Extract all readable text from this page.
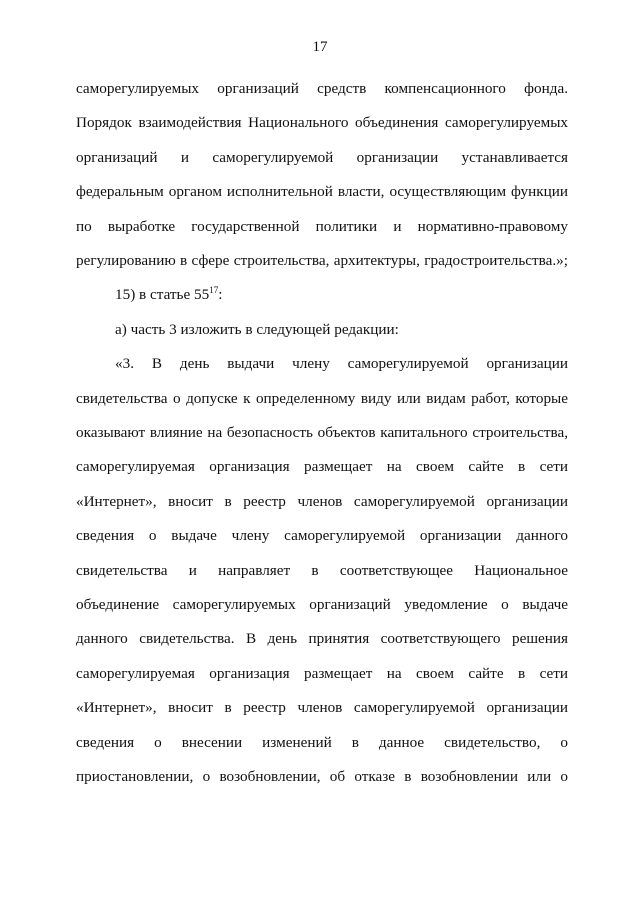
17
саморегулируемых организаций средств компенсационного фонда.
Порядок взаимодействия Национального объединения саморегулируемых
организаций и саморегулируемой организации устанавливается
федеральным органом исполнительной власти, осуществляющим функции
по выработке государственной политики и нормативно-правовому
регулированию в сфере строительства, архитектуры, градостроительства.»;
15) в статье $55^{17}$:
а) часть 3 изложить в следующей редакции:
«3. В день выдачи члену саморегулируемой организации
свидетельства о допуске к определенному виду или видам работ, которые
оказывают влияние на безопасность объектов капитального строительства,
саморегулируемая организация размещает на своем сайте в сети
«Интернет», вносит в реестр членов саморегулируемой организации
сведения о выдаче члену саморегулируемой организации данного
свидетельства и направляет в соответствующее Национальное
объединение саморегулируемых организаций уведомление о выдаче
данного свидетельства. В день принятия соответствующего решения
саморегулируемая организация размещает на своем сайте в сети
«Интернет», вносит в реестр членов саморегулируемой организации
сведения о внесении изменений в данное свидетельство, о
приостановлении, о возобновлении, об отказе в возобновлении или о
